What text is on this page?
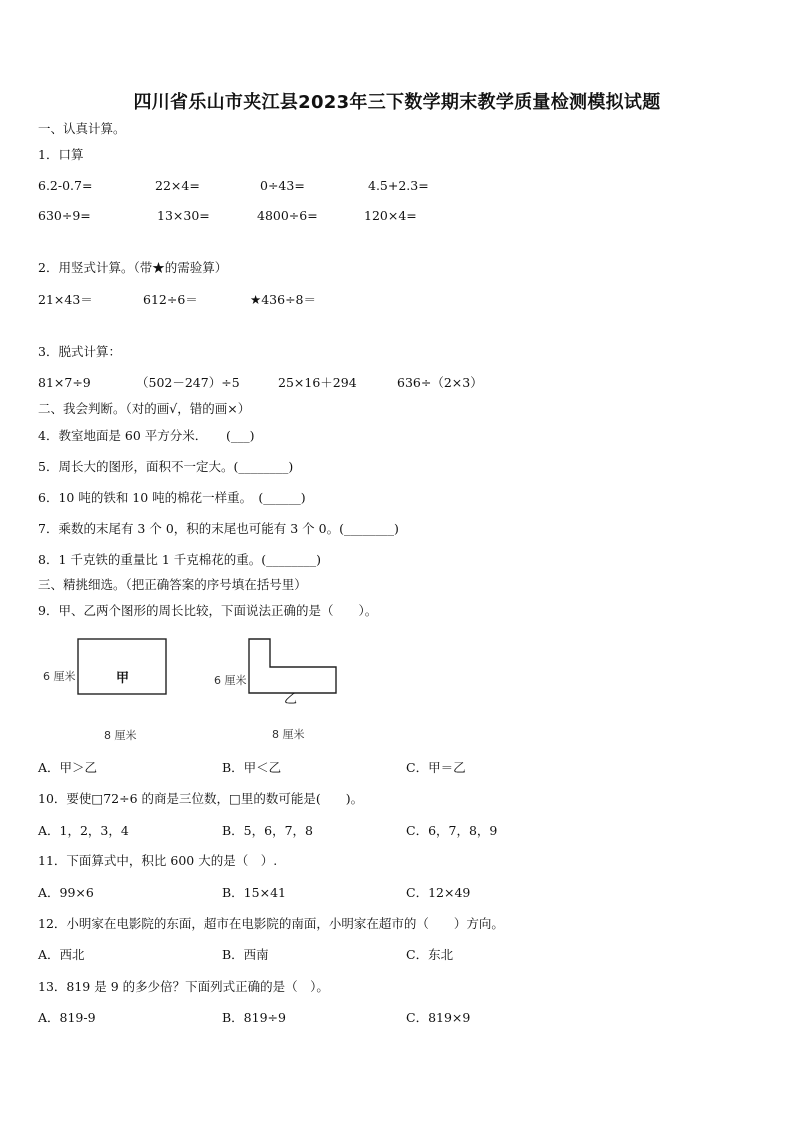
四川省乐山市夹江县2023年三下数学期末教学质量检测模拟试题
一、认真计算。
1．口算
6.2-0.7=	22×4=	0÷43=	4.5+2.3=
630÷9=	13×30=	4800÷6=	120×4=
2．用竖式计算。（带★的需验算）
21×43＝	612÷6＝	★436÷8＝
3．脱式计算：
81×7÷9	（502－247）÷5	25×16＋294	636÷（2×3）
二、我会判断。（对的画√，错的画×）
4．教室地面是 60 平方分米．　　(___)
5．周长大的图形，面积不一定大。(________)
6．10 吨的铁和 10 吨的棉花一样重。　(______)
7．乘数的末尾有 3 个 0，积的末尾也可能有 3 个 0。(________)
8．1 千克铁的重量比 1 千克棉花的重。(________)
三、精挑细选。（把正确答案的序号填在括号里）
9．甲、乙两个图形的周长比较，下面说法正确的是（　　）。
甲
乙
6 厘米	6 厘米
8 厘米	8 厘米
A．甲＞乙	B．甲＜乙	C．甲＝乙
10．要使□72÷6 的商是三位数，□里的数可能是(　　)。
A．1，2，3，4	B．5，6，7，8	C．6，7，8，9
11．下面算式中，积比 600 大的是（　）.
A．99×6	B．15×41	C．12×49
12．小明家在电影院的东面，超市在电影院的南面，小明家在超市的（　　）方向。
A．西北	B．西南	C．东北
13．819 是 9 的多少倍？下面列式正确的是（　）。
A．819-9	B．819÷9	C．819×9
